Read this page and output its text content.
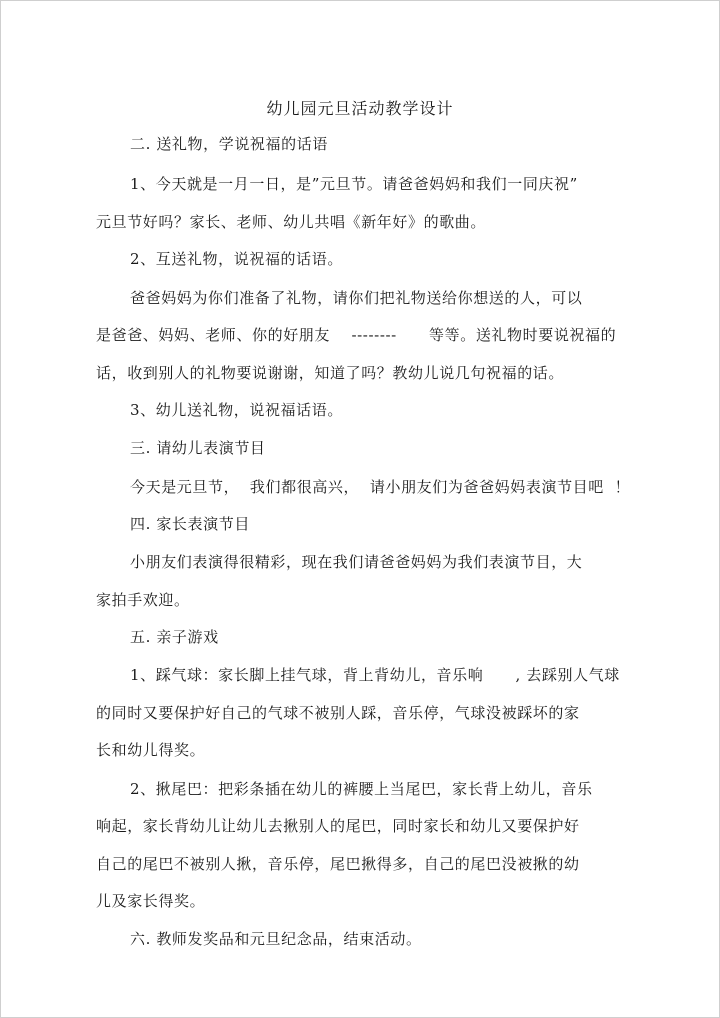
幼儿园元旦活动教学设计
二. 送礼物，学说祝福的话语
1、今天就是一月一日，是”元旦节。请爸爸妈妈和我们一同庆祝”
元旦节好吗？家长、老师、幼儿共唱《新年好》的歌曲。
2、互送礼物，说祝福的话语。
爸爸妈妈为你们准备了礼物，请你们把礼物送给你想送的人，可以
是爸爸、妈妈、老师、你的好朋友    --------      等等。送礼物时要说祝福的
话，收到别人的礼物要说谢谢，知道了吗？教幼儿说几句祝福的话。
3、幼儿送礼物，说祝福话语。
三. 请幼儿表演节目
今天是元旦节，  我们都很高兴，  请小朋友们为爸爸妈妈表演节目吧  ！
四. 家长表演节目
小朋友们表演得很精彩，现在我们请爸爸妈妈为我们表演节目，大
家拍手欢迎。
五. 亲子游戏
1、踩气球：家长脚上挂气球，背上背幼儿，音乐响      , 去踩别人气球
的同时又要保护好自己的气球不被别人踩，音乐停，气球没被踩坏的家
长和幼儿得奖。
2、揪尾巴：把彩条插在幼儿的裤腰上当尾巴，家长背上幼儿，音乐
响起，家长背幼儿让幼儿去揪别人的尾巴，同时家长和幼儿又要保护好
自己的尾巴不被别人揪，音乐停，尾巴揪得多，自己的尾巴没被揪的幼
儿及家长得奖。
六. 教师发奖品和元旦纪念品，结束活动。
